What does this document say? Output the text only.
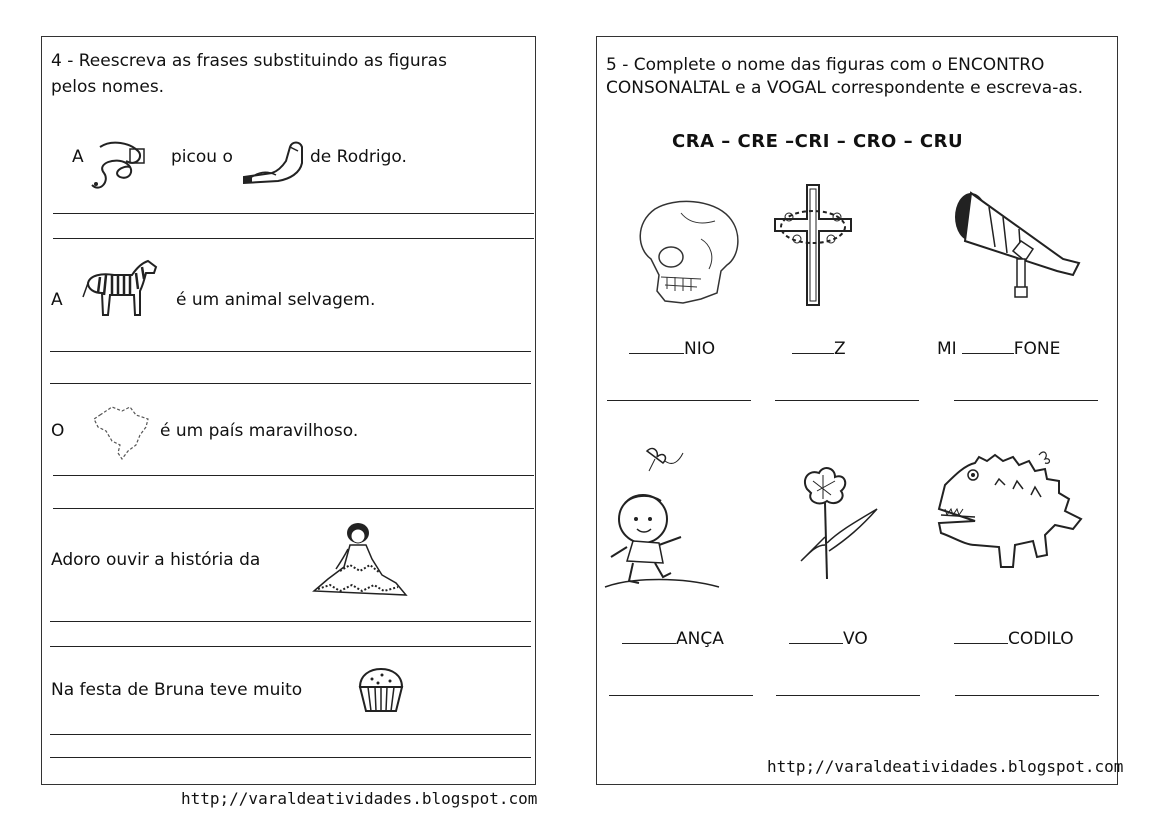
4 - Reescreva as frases substituindo as figuras
pelos nomes.
A	picou o	de Rodrigo.
A	é um animal selvagem.
O	é um país maravilhoso.
Adoro ouvir a história da
Na festa de Bruna teve muito
http;//varaldeatividades.blogspot.com
5 - Complete o nome das figuras com o ENCONTRO
CONSONALTAL e a VOGAL correspondente e escreva-as.
CRA – CRE –CRI – CRO – CRU
NIO	Z	MI	FONE
ANÇA	VO	CODILO
http;//varaldeatividades.blogspot.com
